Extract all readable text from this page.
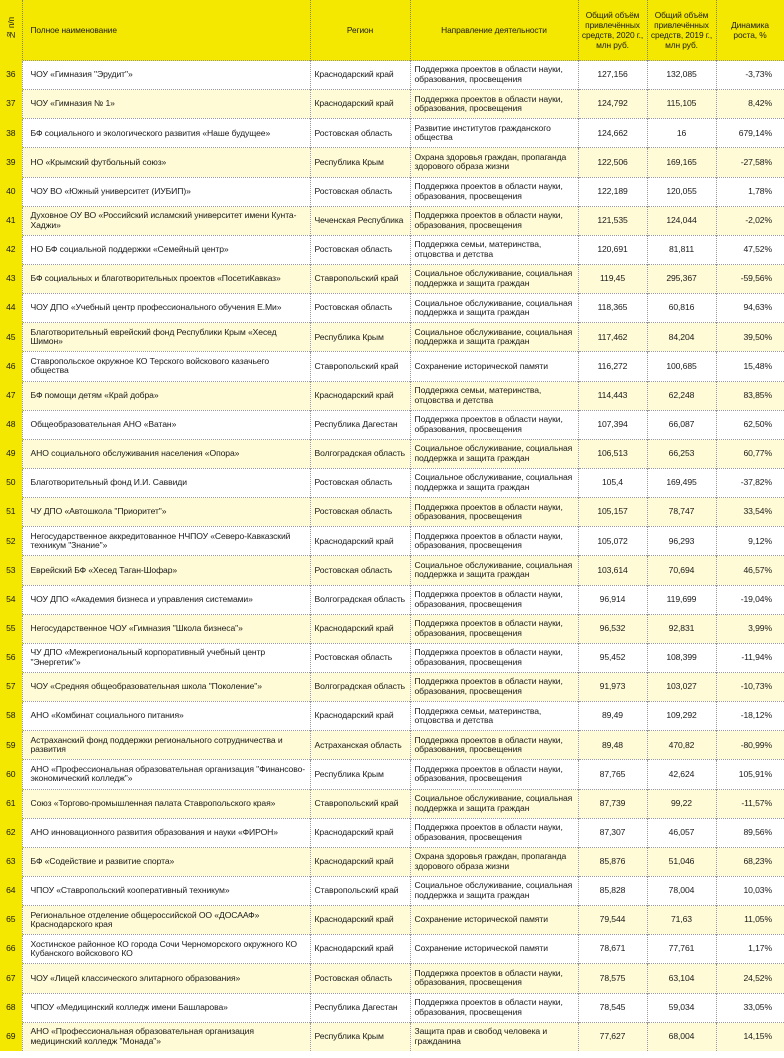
№ п/п	Полное наименование	Регион	Направление деятельности	Общий объём привлечённых средств, 2020 г., млн руб.	Общий объём привлечённых средств, 2019 г., млн руб.	Динамика роста, %
36	ЧОУ «Гимназия "Эрудит"»	Краснодарский край	Поддержка проектов в области науки, образования, просвещения	127,156	132,085	-3,73%
37	ЧОУ «Гимназия № 1»	Краснодарский край	Поддержка проектов в области науки, образования, просвещения	124,792	115,105	8,42%
38	БФ социального и экологического развития «Наше будущее»	Ростовская область	Развитие институтов гражданского общества	124,662	16	679,14%
39	НО «Крымский футбольный союз»	Республика Крым	Охрана здоровья граждан, пропаганда здорового образа жизни	122,506	169,165	-27,58%
40	ЧОУ ВО «Южный университет (ИУБИП)»	Ростовская область	Поддержка проектов в области науки, образования, просвещения	122,189	120,055	1,78%
41	Духовное ОУ ВО «Российский исламский университет имени Кунта-Хаджи»	Чеченская Республика	Поддержка проектов в области науки, образования, просвещения	121,535	124,044	-2,02%
42	НО БФ социальной поддержки «Семейный центр»	Ростовская область	Поддержка семьи, материнства, отцовства и детства	120,691	81,811	47,52%
43	БФ социальных и благотворительных проектов «ПосетиКавказ»	Ставропольский край	Социальное обслуживание, социальная поддержка и защита граждан	119,45	295,367	-59,56%
44	ЧОУ ДПО «Учебный центр профессионального обучения Е.Ми»	Ростовская область	Социальное обслуживание, социальная поддержка и защита граждан	118,365	60,816	94,63%
45	Благотворительный еврейский фонд Республики Крым «Хесед Шимон»	Республика Крым	Социальное обслуживание, социальная поддержка и защита граждан	117,462	84,204	39,50%
46	Ставропольское окружное КО Терского войскового казачьего общества	Ставропольский край	Сохранение исторической памяти	116,272	100,685	15,48%
47	БФ помощи детям «Край добра»	Краснодарский край	Поддержка семьи, материнства, отцовства и детства	114,443	62,248	83,85%
48	Общеобразовательная АНО «Ватан»	Республика Дагестан	Поддержка проектов в области науки, образования, просвещения	107,394	66,087	62,50%
49	АНО социального обслуживания населения «Опора»	Волгоградская область	Социальное обслуживание, социальная поддержка и защита граждан	106,513	66,253	60,77%
50	Благотворительный фонд И.И. Саввиди	Ростовская область	Социальное обслуживание, социальная поддержка и защита граждан	105,4	169,495	-37,82%
51	ЧУ ДПО «Автошкола "Приоритет"»	Ростовская область	Поддержка проектов в области науки, образования, просвещения	105,157	78,747	33,54%
52	Негосударственное аккредитованное НЧПОУ «Северо-Кавказский техникум "Знание"»	Краснодарский край	Поддержка проектов в области науки, образования, просвещения	105,072	96,293	9,12%
53	Еврейский БФ «Хесед Таган-Шофар»	Ростовская область	Социальное обслуживание, социальная поддержка и защита граждан	103,614	70,694	46,57%
54	ЧОУ ДПО «Академия бизнеса и управления системами»	Волгоградская область	Поддержка проектов в области науки, образования, просвещения	96,914	119,699	-19,04%
55	Негосударственное ЧОУ «Гимназия "Школа бизнеса"»	Краснодарский край	Поддержка проектов в области науки, образования, просвещения	96,532	92,831	3,99%
56	ЧУ ДПО «Межрегиональный корпоративный учебный центр "Энергетик"»	Ростовская область	Поддержка проектов в области науки, образования, просвещения	95,452	108,399	-11,94%
57	ЧОУ «Средняя общеобразовательная школа "Поколение"»	Волгоградская область	Поддержка проектов в области науки, образования, просвещения	91,973	103,027	-10,73%
58	АНО «Комбинат социального питания»	Краснодарский край	Поддержка семьи, материнства, отцовства и детства	89,49	109,292	-18,12%
59	Астраханский фонд поддержки регионального сотрудничества и развития	Астраханская область	Поддержка проектов в области науки, образования, просвещения	89,48	470,82	-80,99%
60	АНО «Профессиональная образовательная организация "Финансово-экономический колледж"»	Республика Крым	Поддержка проектов в области науки, образования, просвещения	87,765	42,624	105,91%
61	Союз «Торгово-промышленная палата Ставропольского края»	Ставропольский край	Социальное обслуживание, социальная поддержка и защита граждан	87,739	99,22	-11,57%
62	АНО инновационного развития образования и науки «ФИРОН»	Краснодарский край	Поддержка проектов в области науки, образования, просвещения	87,307	46,057	89,56%
63	БФ «Содействие и развитие спорта»	Краснодарский край	Охрана здоровья граждан, пропаганда здорового образа жизни	85,876	51,046	68,23%
64	ЧПОУ «Ставропольский кооперативный техникум»	Ставропольский край	Социальное обслуживание, социальная поддержка и защита граждан	85,828	78,004	10,03%
65	Региональное отделение общероссийской ОО «ДОСААФ» Краснодарского края	Краснодарский край	Сохранение исторической памяти	79,544	71,63	11,05%
66	Хостинское районное КО города Сочи Черноморского окружного КО Кубанского войскового КО	Краснодарский край	Сохранение исторической памяти	78,671	77,761	1,17%
67	ЧОУ «Лицей классического элитарного образования»	Ростовская область	Поддержка проектов в области науки, образования, просвещения	78,575	63,104	24,52%
68	ЧПОУ «Медицинский колледж имени Башларова»	Республика Дагестан	Поддержка проектов в области науки, образования, просвещения	78,545	59,034	33,05%
69	АНО «Профессиональная образовательная организация медицинский колледж "Монада"»	Республика Крым	Защита прав и свобод человека и гражданина	77,627	68,004	14,15%
